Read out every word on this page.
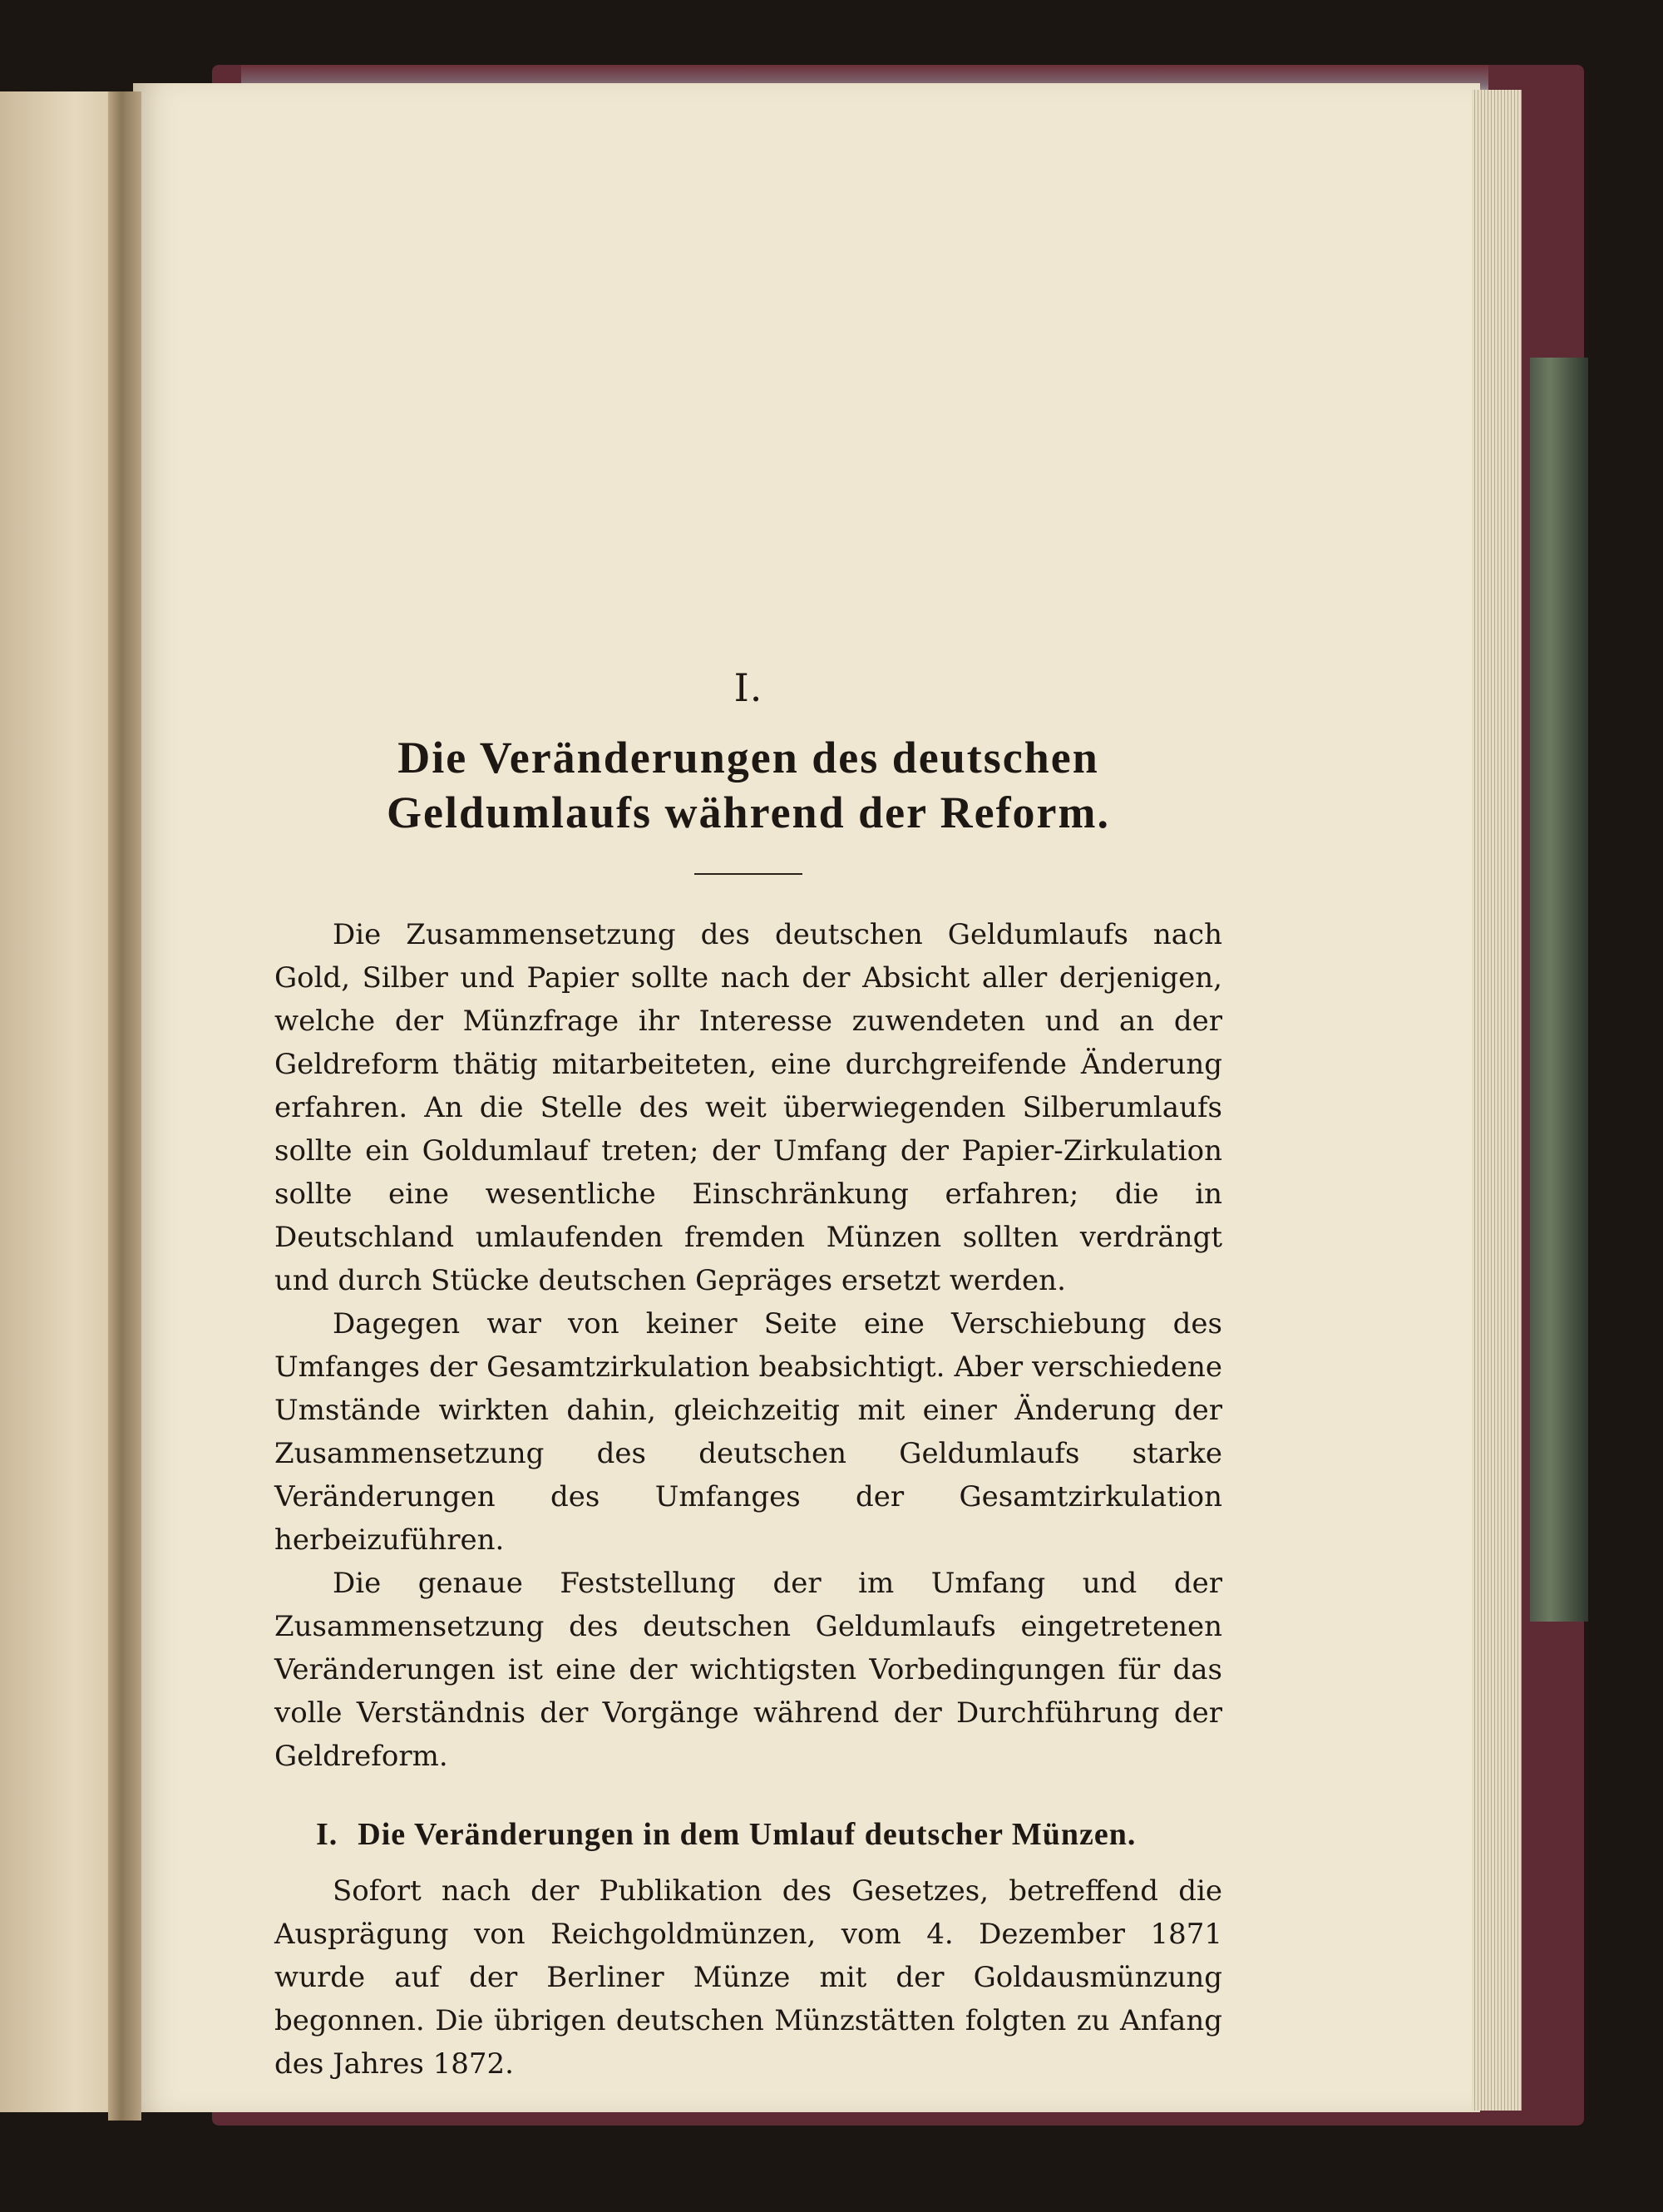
I.
Die Veränderungen des deutschen Geldumlaufs während der Reform.

Die Zusammensetzung des deutschen Geldumlaufs nach Gold, Silber und Papier sollte nach der Absicht aller derjenigen, welche der Münzfrage ihr Interesse zuwendeten und an der Geldreform thätig mitarbeiteten, eine durchgreifende Änderung erfahren. An die Stelle des weit überwiegenden Silberumlaufs sollte ein Goldumlauf treten; der Umfang der Papier-Zirkulation sollte eine wesentliche Einschränkung erfahren; die in Deutschland umlaufenden fremden Münzen sollten verdrängt und durch Stücke deutschen Gepräges ersetzt werden.

Dagegen war von keiner Seite eine Verschiebung des Umfanges der Gesamtzirkulation beabsichtigt. Aber verschiedene Umstände wirkten dahin, gleichzeitig mit einer Änderung der Zusammensetzung des deutschen Geldumlaufs starke Veränderungen des Umfanges der Gesamtzirkulation herbeizuführen.

Die genaue Feststellung der im Umfang und der Zusammensetzung des deutschen Geldumlaufs eingetretenen Veränderungen ist eine der wichtigsten Vorbedingungen für das volle Verständnis der Vorgänge während der Durchführung der Geldreform.

I. Die Veränderungen in dem Umlauf deutscher Münzen.

Sofort nach der Publikation des Gesetzes, betreffend die Ausprägung von Reichgoldmünzen, vom 4. Dezember 1871 wurde auf der Berliner Münze mit der Goldausmünzung begonnen. Die übrigen deutschen Münzstätten folgten zu Anfang des Jahres 1872.
